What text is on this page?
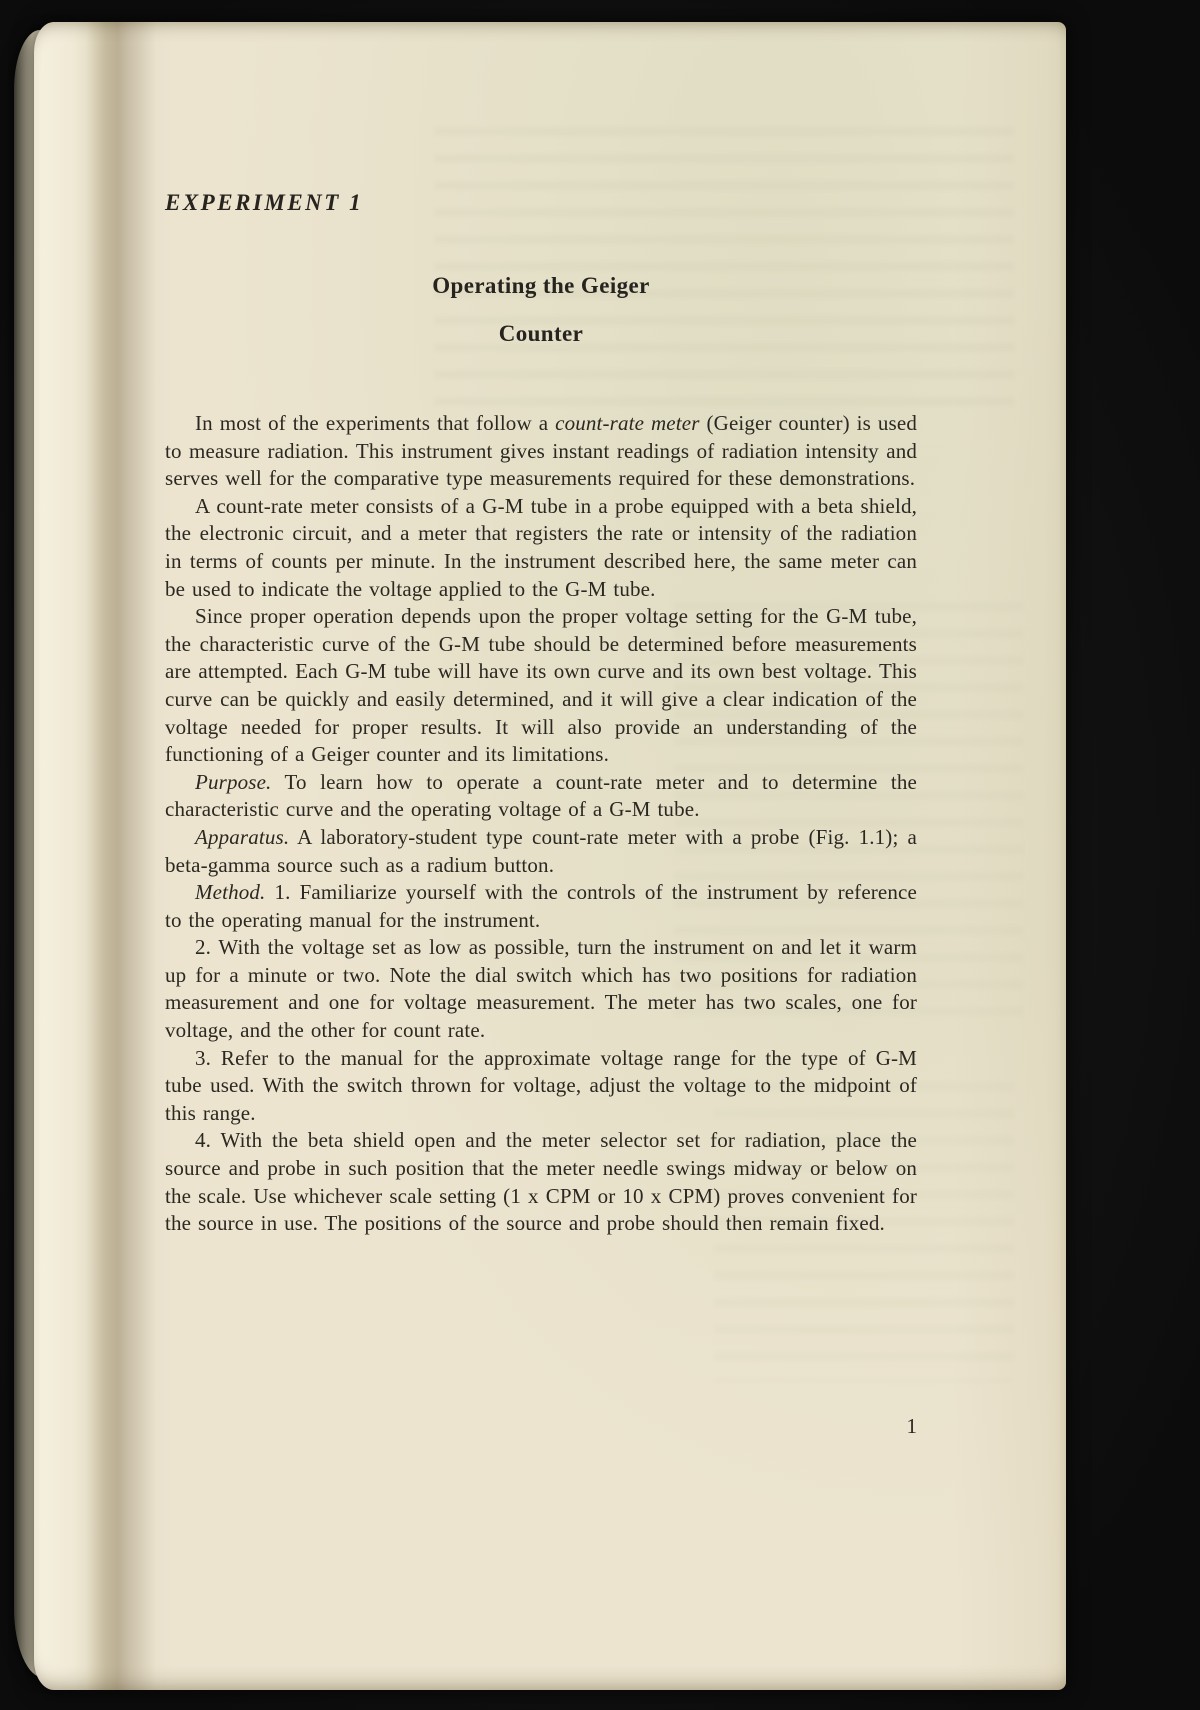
EXPERIMENT 1
Operating the Geiger
Counter

In most of the experiments that follow a count-rate meter (Geiger counter) is used to measure radiation. This instrument gives instant readings of radiation intensity and serves well for the comparative type measurements required for these demonstrations.

A count-rate meter consists of a G-M tube in a probe equipped with a beta shield, the electronic circuit, and a meter that registers the rate or intensity of the radiation in terms of counts per minute. In the instrument described here, the same meter can be used to indicate the voltage applied to the G-M tube.

Since proper operation depends upon the proper voltage setting for the G-M tube, the characteristic curve of the G-M tube should be determined before measurements are attempted. Each G-M tube will have its own curve and its own best voltage. This curve can be quickly and easily determined, and it will give a clear indication of the voltage needed for proper results. It will also provide an understanding of the functioning of a Geiger counter and its limitations.

Purpose. To learn how to operate a count-rate meter and to determine the characteristic curve and the operating voltage of a G-M tube.

Apparatus. A laboratory-student type count-rate meter with a probe (Fig. 1.1); a beta-gamma source such as a radium button.

Method. 1. Familiarize yourself with the controls of the instrument by reference to the operating manual for the instrument.

2. With the voltage set as low as possible, turn the instrument on and let it warm up for a minute or two. Note the dial switch which has two positions for radiation measurement and one for voltage measurement. The meter has two scales, one for voltage, and the other for count rate.

3. Refer to the manual for the approximate voltage range for the type of G-M tube used. With the switch thrown for voltage, adjust the voltage to the midpoint of this range.

4. With the beta shield open and the meter selector set for radiation, place the source and probe in such position that the meter needle swings midway or below on the scale. Use whichever scale setting (1 x CPM or 10 x CPM) proves convenient for the source in use. The positions of the source and probe should then remain fixed.

1
